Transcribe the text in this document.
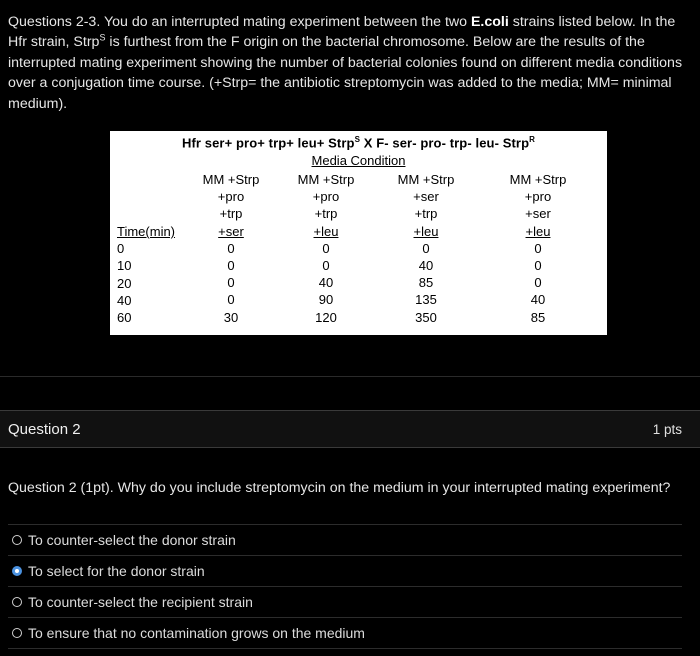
Questions 2-3. You do an interrupted mating experiment between the two E.coli strains listed below. In the Hfr strain, Strp$^S$ is furthest from the F origin on the bacterial chromosome. Below are the results of the interrupted mating experiment showing the number of bacterial colonies found on different media conditions over a conjugation time course. (+Strp= the antibiotic streptomycin was added to the media; MM= minimal medium).
Hfr ser+ pro+ trp+ leu+ Strp$^S$ X F- ser- pro- trp- leu- Strp$^R$
Media Condition
Time(min)
0
10
20
40
60
MM +Strp
+pro
+trp
+ser
0
0
0
0
30
MM +Strp
+pro
+trp
+leu
0
0
40
90
120
MM +Strp
+ser
+trp
+leu
0
40
85
135
350
MM +Strp
+pro
+ser
+leu
0
0
0
40
85
Question 2	1 pts
Question 2 (1pt). Why do you include streptomycin on the medium in your interrupted mating experiment?
To counter-select the donor strain
To select for the donor strain
To counter-select the recipient strain
To ensure that no contamination grows on the medium
